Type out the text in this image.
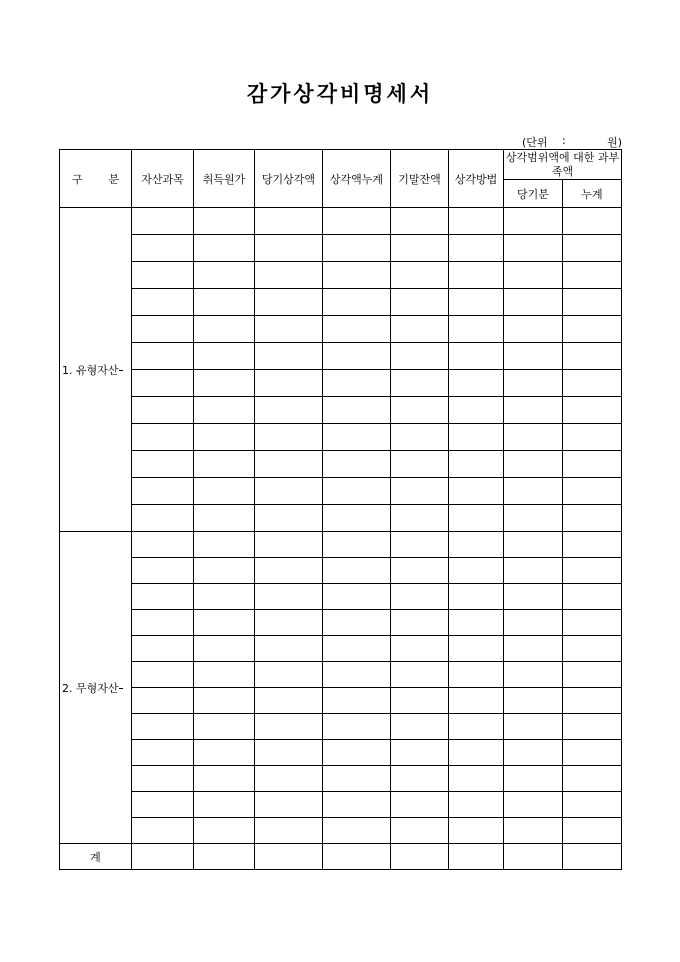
감가상각비명세서
(단위 :	원)
구 분	자산과목	취득원가	당기상각액	상각액누계	기말잔액	상각방법	상각범위액에 대한 과부족액	
							당기분	누계
1. 유형자산								

2. 무형자산								

계								
